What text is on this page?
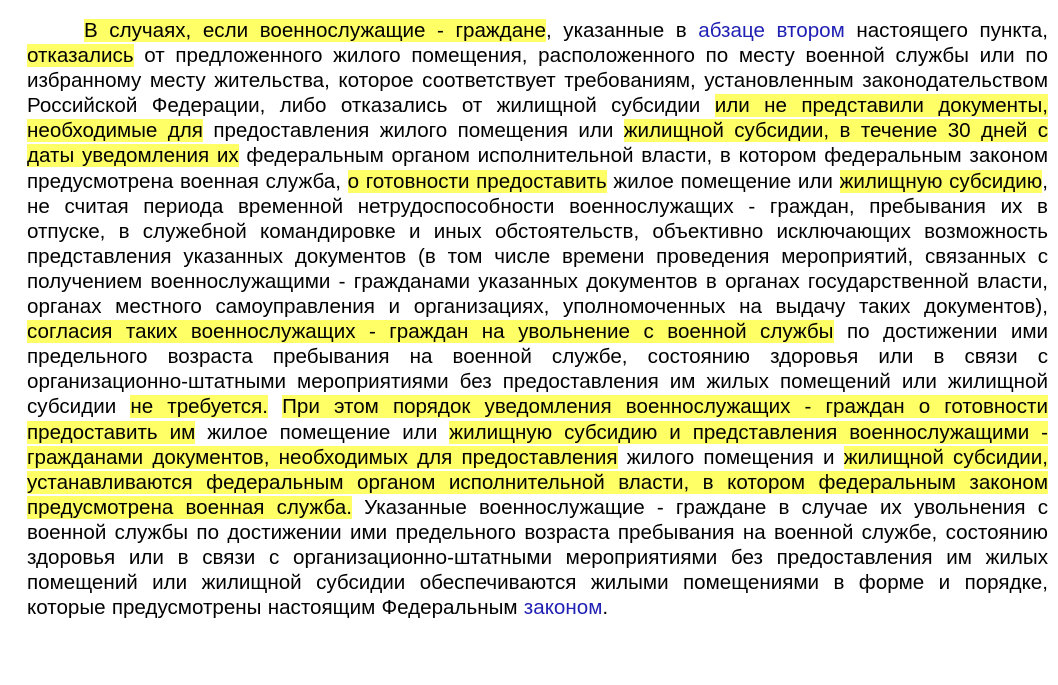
В случаях, если военнослужащие - граждане, указанные в абзаце втором настоящего пункта, отказались от предложенного жилого помещения, расположенного по месту военной службы или по избранному месту жительства, которое соответствует требованиям, установленным законодательством Российской Федерации, либо отказались от жилищной субсидии или не представили документы, необходимые для предоставления жилого помещения или жилищной субсидии, в течение 30 дней с даты уведомления их федеральным органом исполнительной власти, в котором федеральным законом предусмотрена военная служба, о готовности предоставить жилое помещение или жилищную субсидию, не считая периода временной нетрудоспособности военнослужащих - граждан, пребывания их в отпуске, в служебной командировке и иных обстоятельств, объективно исключающих возможность представления указанных документов (в том числе времени проведения мероприятий, связанных с получением военнослужащими - гражданами указанных документов в органах государственной власти, органах местного самоуправления и организациях, уполномоченных на выдачу таких документов), согласия таких военнослужащих - граждан на увольнение с военной службы по достижении ими предельного возраста пребывания на военной службе, состоянию здоровья или в связи с организационно-штатными мероприятиями без предоставления им жилых помещений или жилищной субсидии не требуется. При этом порядок уведомления военнослужащих - граждан о готовности предоставить им жилое помещение или жилищную субсидию и представления военнослужащими - гражданами документов, необходимых для предоставления жилого помещения и жилищной субсидии, устанавливаются федеральным органом исполнительной власти, в котором федеральным законом предусмотрена военная служба. Указанные военнослужащие - граждане в случае их увольнения с военной службы по достижении ими предельного возраста пребывания на военной службе, состоянию здоровья или в связи с организационно-штатными мероприятиями без предоставления им жилых помещений или жилищной субсидии обеспечиваются жилыми помещениями в форме и порядке, которые предусмотрены настоящим Федеральным законом.
